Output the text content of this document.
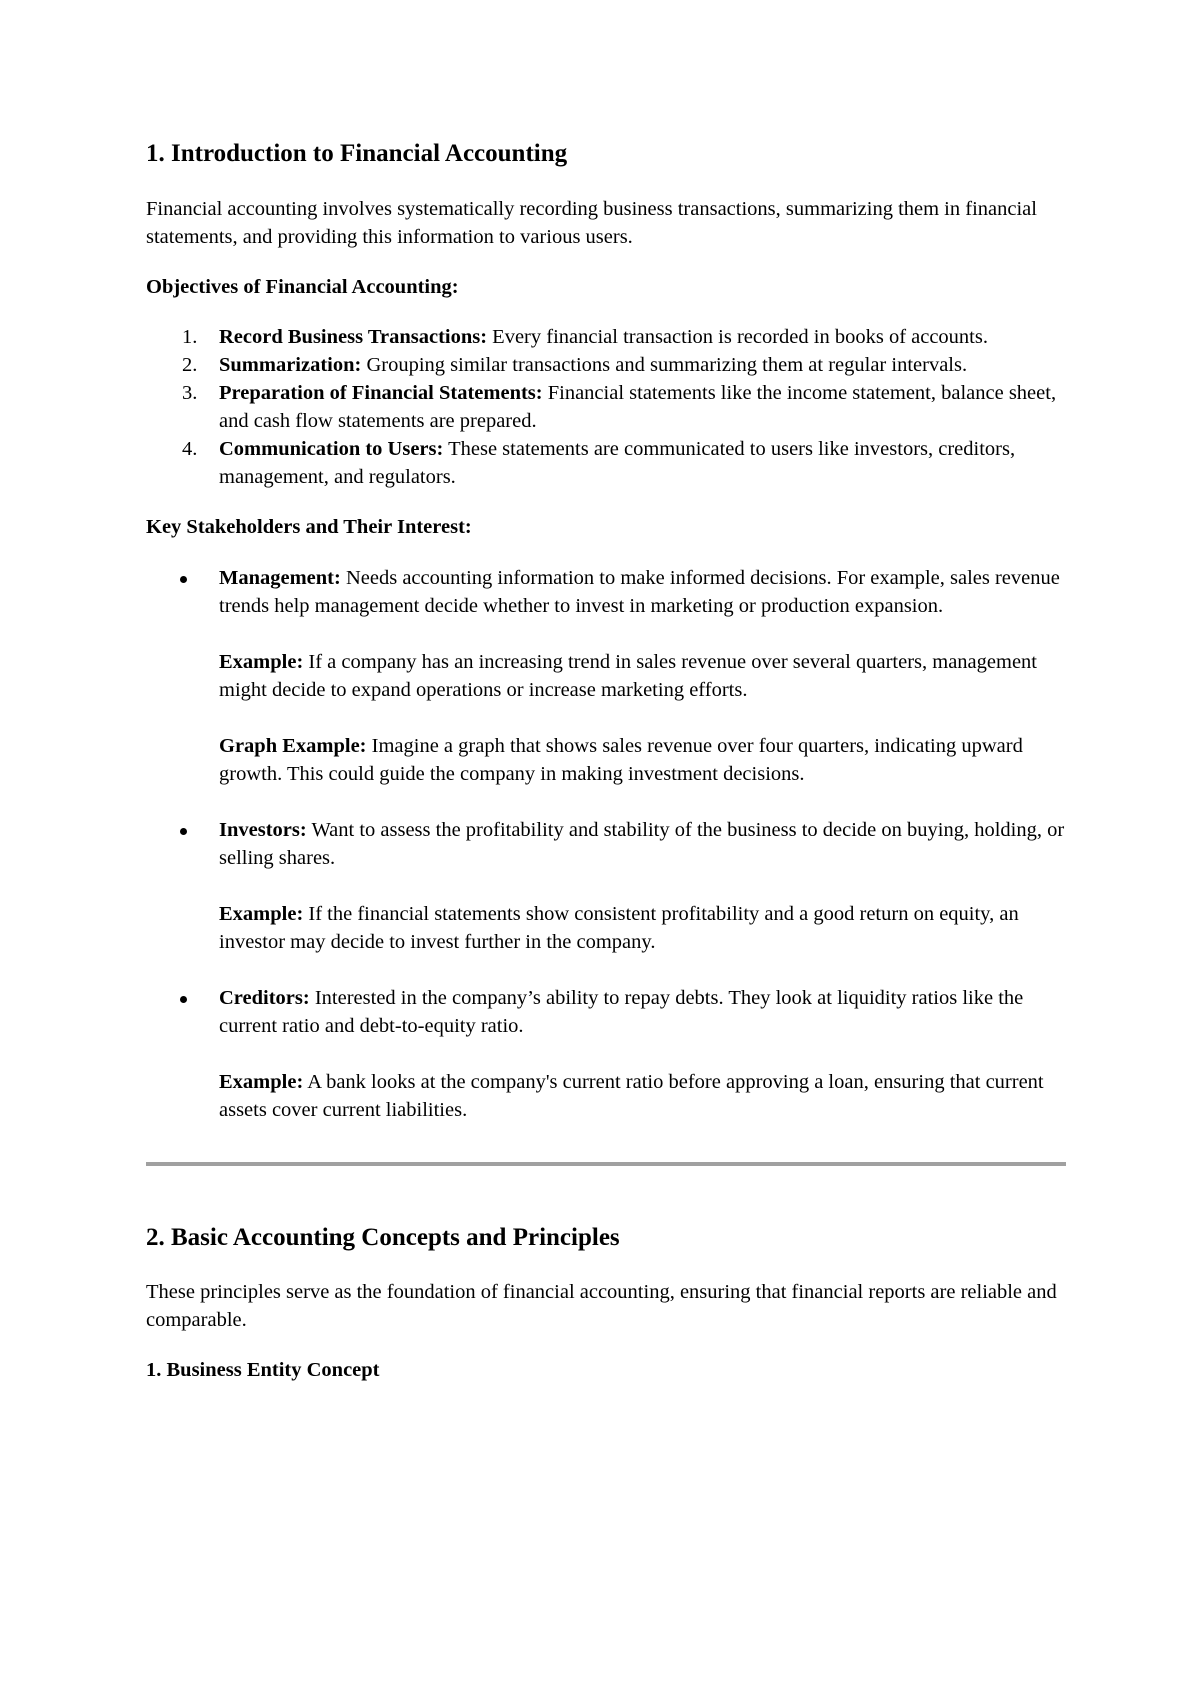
1. Introduction to Financial Accounting

Financial accounting involves systematically recording business transactions, summarizing them in financial statements, and providing this information to various users.

Objectives of Financial Accounting:
1. Record Business Transactions: Every financial transaction is recorded in books of accounts.
2. Summarization: Grouping similar transactions and summarizing them at regular intervals.
3. Preparation of Financial Statements: Financial statements like the income statement, balance sheet, and cash flow statements are prepared.
4. Communication to Users: These statements are communicated to users like investors, creditors, management, and regulators.
Key Stakeholders and Their Interest:

Management: Needs accounting information to make informed decisions. For example, sales revenue trends help management decide whether to invest in marketing or production expansion.

Example: If a company has an increasing trend in sales revenue over several quarters, management might decide to expand operations or increase marketing efforts.

Graph Example: Imagine a graph that shows sales revenue over four quarters, indicating upward growth. This could guide the company in making investment decisions.

Investors: Want to assess the profitability and stability of the business to decide on buying, holding, or selling shares.

Example: If the financial statements show consistent profitability and a good return on equity, an investor may decide to invest further in the company.

Creditors: Interested in the company’s ability to repay debts. They look at liquidity ratios like the current ratio and debt-to-equity ratio.

Example: A bank looks at the company's current ratio before approving a loan, ensuring that current assets cover current liabilities.

2. Basic Accounting Concepts and Principles

These principles serve as the foundation of financial accounting, ensuring that financial reports are reliable and comparable.

1. Business Entity Concept
